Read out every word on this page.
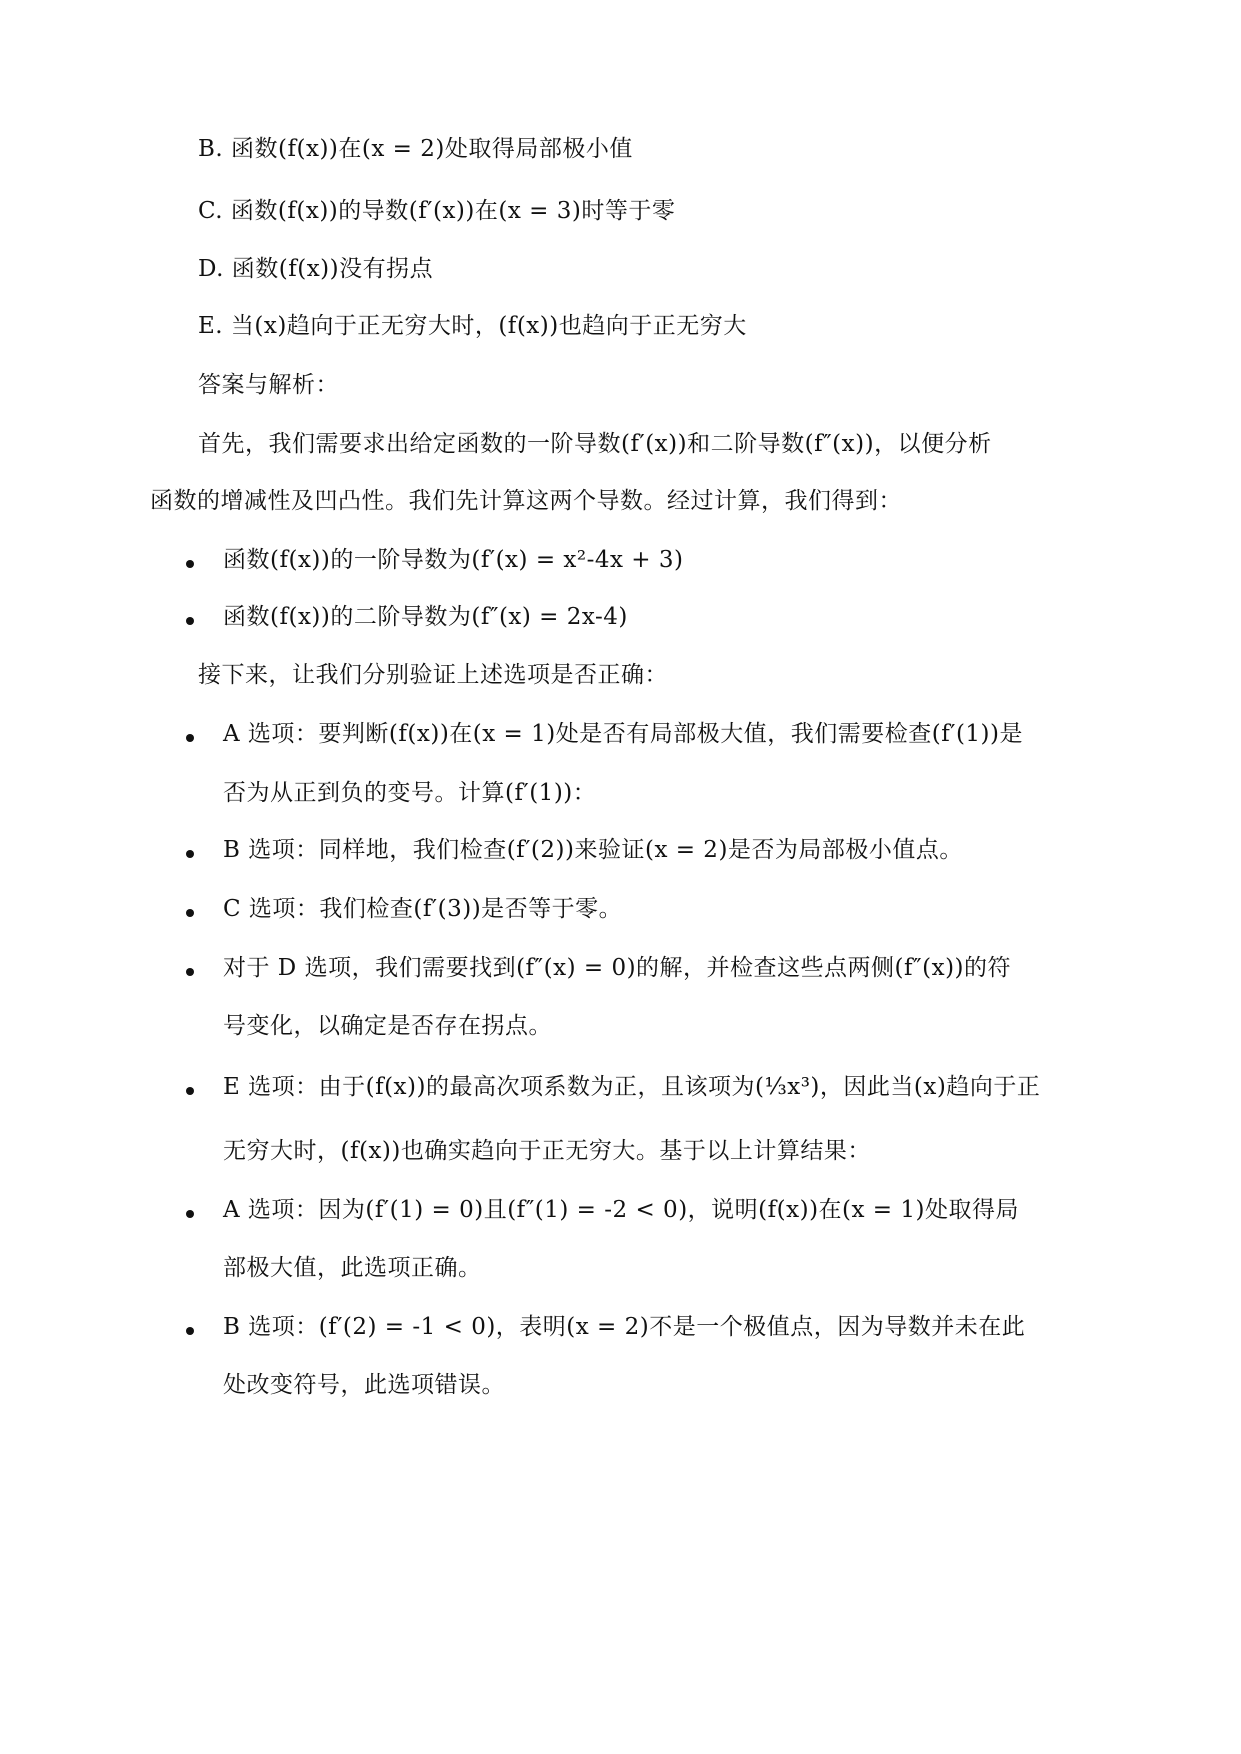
B. 函数(f(x))在(x = 2)处取得局部极小值
C. 函数(f(x))的导数(f′(x))在(x = 3)时等于零
D. 函数(f(x))没有拐点
E. 当(x)趋向于正无穷大时，(f(x))也趋向于正无穷大
答案与解析：
首先，我们需要求出给定函数的一阶导数(f′(x))和二阶导数(f″(x))，以便分析
函数的增减性及凹凸性。我们先计算这两个导数。经过计算，我们得到：
函数(f(x))的一阶导数为(f′(x) = x²-4x + 3)
函数(f(x))的二阶导数为(f″(x) = 2x-4)
接下来，让我们分别验证上述选项是否正确：
A 选项：要判断(f(x))在(x = 1)处是否有局部极大值，我们需要检查(f′(1))是
否为从正到负的变号。计算(f′(1))：
B 选项：同样地，我们检查(f′(2))来验证(x = 2)是否为局部极小值点。
C 选项：我们检查(f′(3))是否等于零。
对于 D 选项，我们需要找到(f″(x) = 0)的解，并检查这些点两侧(f″(x))的符
号变化，以确定是否存在拐点。
E 选项：由于(f(x))的最高次项系数为正，且该项为(⅓x³)，因此当(x)趋向于正
无穷大时，(f(x))也确实趋向于正无穷大。基于以上计算结果：
A 选项：因为(f′(1) = 0)且(f″(1) = -2 < 0)，说明(f(x))在(x = 1)处取得局
部极大值，此选项正确。
B 选项：(f′(2) = -1 < 0)，表明(x = 2)不是一个极值点，因为导数并未在此
处改变符号，此选项错误。
